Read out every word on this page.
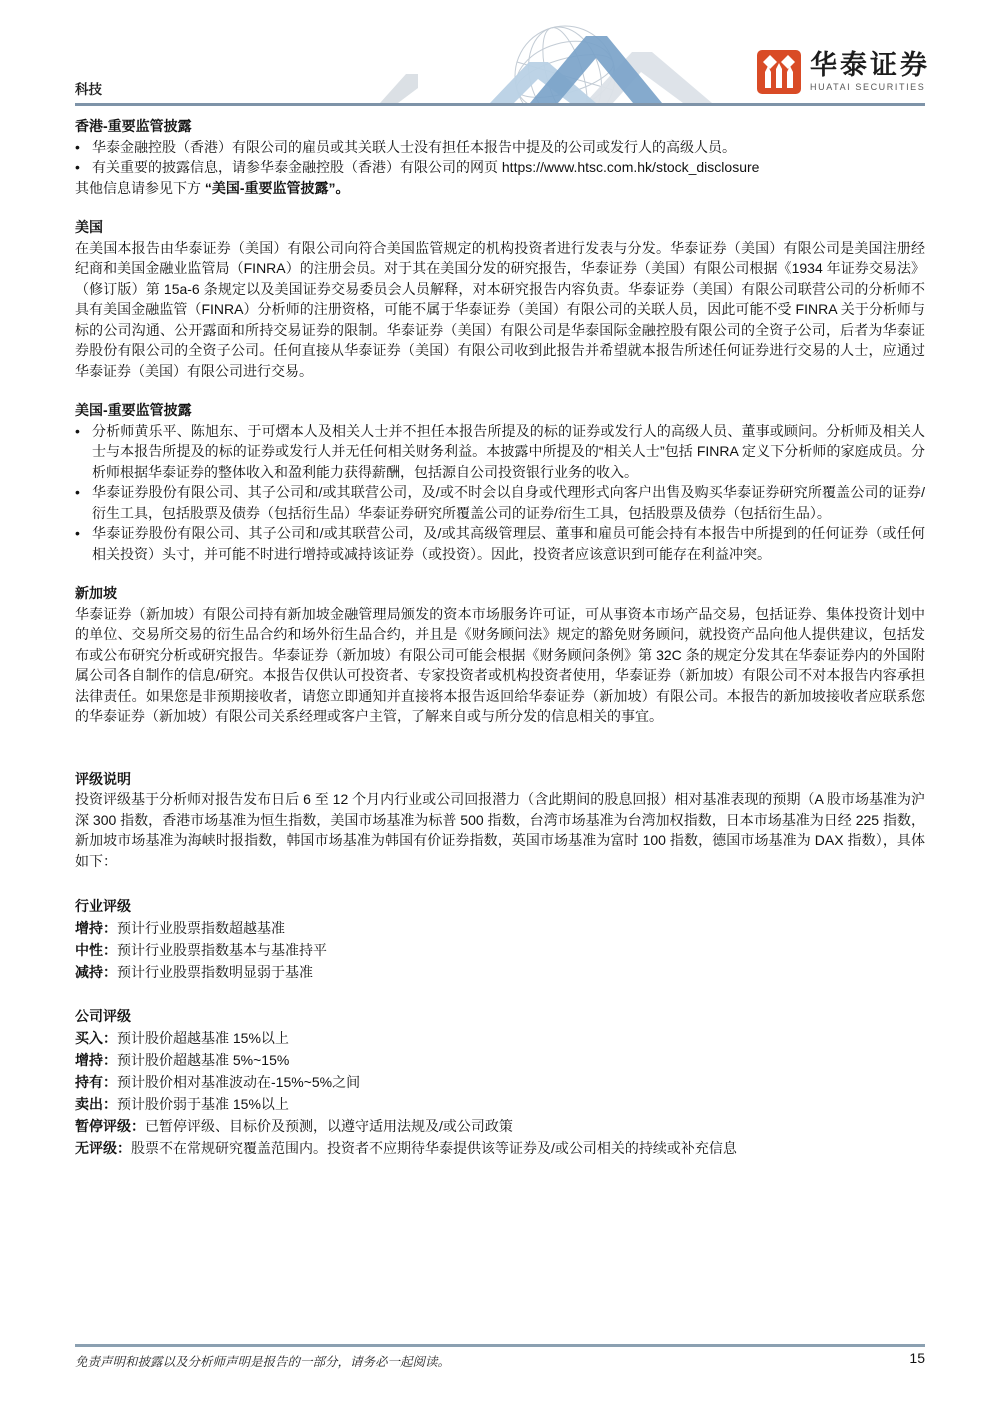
科技
华泰证券
HUATAI SECURITIES
香港-重要监管披露
• 华泰金融控股（香港）有限公司的雇员或其关联人士没有担任本报告中提及的公司或发行人的高级人员。
• 有关重要的披露信息，请参华泰金融控股（香港）有限公司的网页 https://www.htsc.com.hk/stock_disclosure

其他信息请参见下方 “美国-重要监管披露”。

美国

在美国本报告由华泰证券（美国）有限公司向符合美国监管规定的机构投资者进行发表与分发。华泰证券（美国）有限公司是美国注册经纪商和美国金融业监管局（FINRA）的注册会员。对于其在美国分发的研究报告，华泰证券（美国）有限公司根据《1934 年证券交易法》（修订版）第 15a-6 条规定以及美国证券交易委员会人员解释，对本研究报告内容负责。华泰证券（美国）有限公司联营公司的分析师不具有美国金融监管（FINRA）分析师的注册资格，可能不属于华泰证券（美国）有限公司的关联人员，因此可能不受 FINRA 关于分析师与标的公司沟通、公开露面和所持交易证券的限制。华泰证券（美国）有限公司是华泰国际金融控股有限公司的全资子公司，后者为华泰证券股份有限公司的全资子公司。任何直接从华泰证券（美国）有限公司收到此报告并希望就本报告所述任何证券进行交易的人士，应通过华泰证券（美国）有限公司进行交易。

美国-重要监管披露
• 分析师黄乐平、陈旭东、于可熠本人及相关人士并不担任本报告所提及的标的证券或发行人的高级人员、董事或顾问。分析师及相关人士与本报告所提及的标的证券或发行人并无任何相关财务利益。本披露中所提及的“相关人士”包括 FINRA 定义下分析师的家庭成员。分析师根据华泰证券的整体收入和盈利能力获得薪酬，包括源自公司投资银行业务的收入。
• 华泰证券股份有限公司、其子公司和/或其联营公司，及/或不时会以自身或代理形式向客户出售及购买华泰证券研究所覆盖公司的证券/衍生工具，包括股票及债券（包括衍生品）华泰证券研究所覆盖公司的证券/衍生工具，包括股票及债券（包括衍生品）。
• 华泰证券股份有限公司、其子公司和/或其联营公司，及/或其高级管理层、董事和雇员可能会持有本报告中所提到的任何证券（或任何相关投资）头寸，并可能不时进行增持或减持该证券（或投资）。因此，投资者应该意识到可能存在利益冲突。
新加坡

华泰证券（新加坡）有限公司持有新加坡金融管理局颁发的资本市场服务许可证，可从事资本市场产品交易，包括证券、集体投资计划中的单位、交易所交易的衍生品合约和场外衍生品合约，并且是《财务顾问法》规定的豁免财务顾问，就投资产品向他人提供建议，包括发布或公布研究分析或研究报告。华泰证券（新加坡）有限公司可能会根据《财务顾问条例》第 32C 条的规定分发其在华泰证券内的外国附属公司各自制作的信息/研究。本报告仅供认可投资者、专家投资者或机构投资者使用，华泰证券（新加坡）有限公司不对本报告内容承担法律责任。如果您是非预期接收者，请您立即通知并直接将本报告返回给华泰证券（新加坡）有限公司。本报告的新加坡接收者应联系您的华泰证券（新加坡）有限公司关系经理或客户主管，了解来自或与所分发的信息相关的事宜。

评级说明

投资评级基于分析师对报告发布日后 6 至 12 个月内行业或公司回报潜力（含此期间的股息回报）相对基准表现的预期（A 股市场基准为沪深 300 指数，香港市场基准为恒生指数，美国市场基准为标普 500 指数，台湾市场基准为台湾加权指数，日本市场基准为日经 225 指数，新加坡市场基准为海峡时报指数，韩国市场基准为韩国有价证券指数，英国市场基准为富时 100 指数，德国市场基准为 DAX 指数），具体如下：

行业评级
增持：预计行业股票指数超越基准
中性：预计行业股票指数基本与基准持平
减持：预计行业股票指数明显弱于基准
公司评级
买入：预计股价超越基准 15%以上
增持：预计股价超越基准 5%~15%
持有：预计股价相对基准波动在-15%~5%之间
卖出：预计股价弱于基准 15%以上
暂停评级：已暂停评级、目标价及预测，以遵守适用法规及/或公司政策
无评级：股票不在常规研究覆盖范围内。投资者不应期待华泰提供该等证券及/或公司相关的持续或补充信息
免责声明和披露以及分析师声明是报告的一部分，请务必一起阅读。	15
